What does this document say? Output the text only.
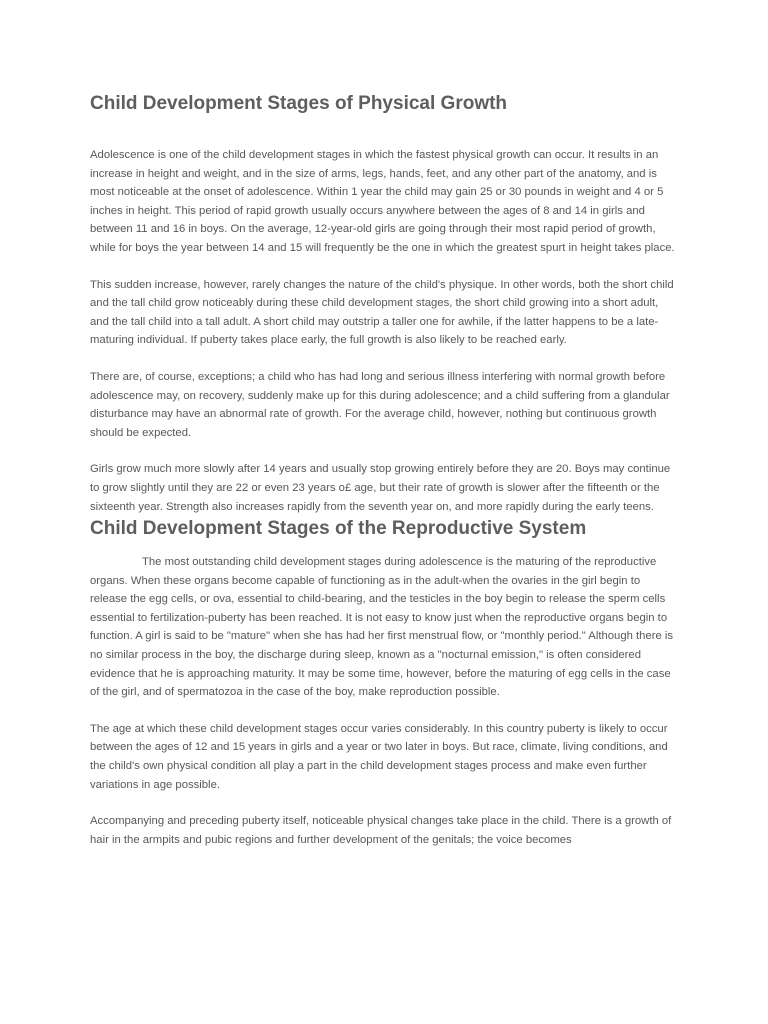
Child Development Stages of Physical Growth

Adolescence is one of the child development stages in which the fastest physical growth can occur. It results in an increase in height and weight, and in the size of arms, legs, hands, feet, and any other part of the anatomy, and is most noticeable at the onset of adolescence. Within 1 year the child may gain 25 or 30 pounds in weight and 4 or 5 inches in height. This period of rapid growth usually occurs anywhere between the ages of 8 and 14 in girls and between 11 and 16 in boys. On the average, 12-year-old girls are going through their most rapid period of growth, while for boys the year between 14 and 15 will frequently be the one in which the greatest spurt in height takes place.

This sudden increase, however, rarely changes the nature of the child's physique. In other words, both the short child and the tall child grow noticeably during these child development stages, the short child growing into a short adult, and the tall child into a tall adult. A short child may outstrip a taller one for awhile, if the latter happens to be a late-maturing individual. If puberty takes place early, the full growth is also likely to be reached early.

There are, of course, exceptions; a child who has had long and serious illness interfering with normal growth before adolescence may, on recovery, suddenly make up for this during adolescence; and a child suffering from a glandular disturbance may have an abnormal rate of growth. For the average child, however, nothing but continuous growth should be expected.

Girls grow much more slowly after 14 years and usually stop growing entirely before they are 20. Boys may continue to grow slightly until they are 22 or even 23 years o£ age, but their rate of growth is slower after the fifteenth or the sixteenth year. Strength also increases rapidly from the seventh year on, and more rapidly during the early teens.

Child Development Stages of the Reproductive System

The most outstanding child development stages during adolescence is the maturing of the reproductive organs. When these organs become capable of functioning as in the adult-when the ovaries in the girl begin to release the egg cells, or ova, essential to child-bearing, and the testicles in the boy begin to release the sperm cells essential to fertilization-puberty has been reached. It is not easy to know just when the reproductive organs begin to function. A girl is said to be "mature" when she has had her first menstrual flow, or "monthly period." Although there is no similar process in the boy, the discharge during sleep, known as a "nocturnal emission," is often considered evidence that he is approaching maturity. It may be some time, however, before the maturing of egg cells in the case of the girl, and of spermatozoa in the case of the boy, make reproduction possible.

The age at which these child development stages occur varies considerably. In this country puberty is likely to occur between the ages of 12 and 15 years in girls and a year or two later in boys. But race, climate, living conditions, and the child's own physical condition all play a part in the child development stages process and make even further variations in age possible.

Accompanying and preceding puberty itself, noticeable physical changes take place in the child. There is a growth of hair in the armpits and pubic regions and further development of the genitals; the voice becomes
